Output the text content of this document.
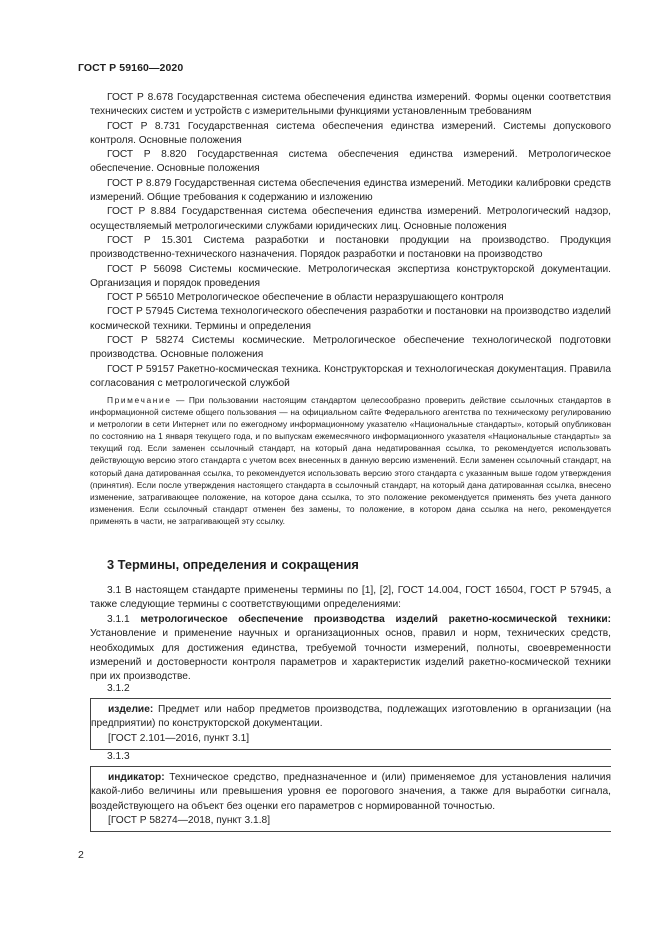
ГОСТ Р 59160—2020

ГОСТ Р 8.678 Государственная система обеспечения единства измерений. Формы оценки соответствия технических систем и устройств с измерительными функциями установленным требованиям

ГОСТ Р 8.731 Государственная система обеспечения единства измерений. Системы допускового контроля. Основные положения

ГОСТ Р 8.820 Государственная система обеспечения единства измерений. Метрологическое обеспечение. Основные положения

ГОСТ Р 8.879 Государственная система обеспечения единства измерений. Методики калибровки средств измерений. Общие требования к содержанию и изложению

ГОСТ Р 8.884 Государственная система обеспечения единства измерений. Метрологический надзор, осуществляемый метрологическими службами юридических лиц. Основные положения

ГОСТ Р 15.301 Система разработки и постановки продукции на производство. Продукция производственно-технического назначения. Порядок разработки и постановки на производство

ГОСТ Р 56098 Системы космические. Метрологическая экспертиза конструкторской документации. Организация и порядок проведения

ГОСТ Р 56510 Метрологическое обеспечение в области неразрушающего контроля

ГОСТ Р 57945 Система технологического обеспечения разработки и постановки на производство изделий космической техники. Термины и определения

ГОСТ Р 58274 Системы космические. Метрологическое обеспечение технологической подготовки производства. Основные положения

ГОСТ Р 59157 Ракетно-космическая техника. Конструкторская и технологическая документация. Правила согласования с метрологической службой

Примечание — При пользовании настоящим стандартом целесообразно проверить действие ссылочных стандартов в информационной системе общего пользования — на официальном сайте Федерального агентства по техническому регулированию и метрологии в сети Интернет или по ежегодному информационному указателю «Национальные стандарты», который опубликован по состоянию на 1 января текущего года, и по выпускам ежемесячного информационного указателя «Национальные стандарты» за текущий год. Если заменен ссылочный стандарт, на который дана недатированная ссылка, то рекомендуется использовать действующую версию этого стандарта с учетом всех внесенных в данную версию изменений. Если заменен ссылочный стандарт, на который дана датированная ссылка, то рекомендуется использовать версию этого стандарта с указанным выше годом утверждения (принятия). Если после утверждения настоящего стандарта в ссылочный стандарт, на который дана датированная ссылка, внесено изменение, затрагивающее положение, на которое дана ссылка, то это положение рекомендуется применять без учета данного изменения. Если ссылочный стандарт отменен без замены, то положение, в котором дана ссылка на него, рекомендуется применять в части, не затрагивающей эту ссылку.

3 Термины, определения и сокращения

3.1 В настоящем стандарте применены термины по [1], [2], ГОСТ 14.004, ГОСТ 16504, ГОСТ Р 57945, а также следующие термины с соответствующими определениями:

3.1.1 метрологическое обеспечение производства изделий ракетно-космической техники: Установление и применение научных и организационных основ, правил и норм, технических средств, необходимых для достижения единства, требуемой точности измерений, полноты, своевременности измерений и достоверности контроля параметров и характеристик изделий ракетно-космической техники при их производстве.

3.1.2

изделие: Предмет или набор предметов производства, подлежащих изготовлению в организации (на предприятии) по конструкторской документации.

[ГОСТ 2.101—2016, пункт 3.1]

3.1.3

индикатор: Техническое средство, предназначенное и (или) применяемое для установления наличия какой-либо величины или превышения уровня ее порогового значения, а также для выработки сигнала, воздействующего на объект без оценки его параметров с нормированной точностью.

[ГОСТ Р 58274—2018, пункт 3.1.8]

2
